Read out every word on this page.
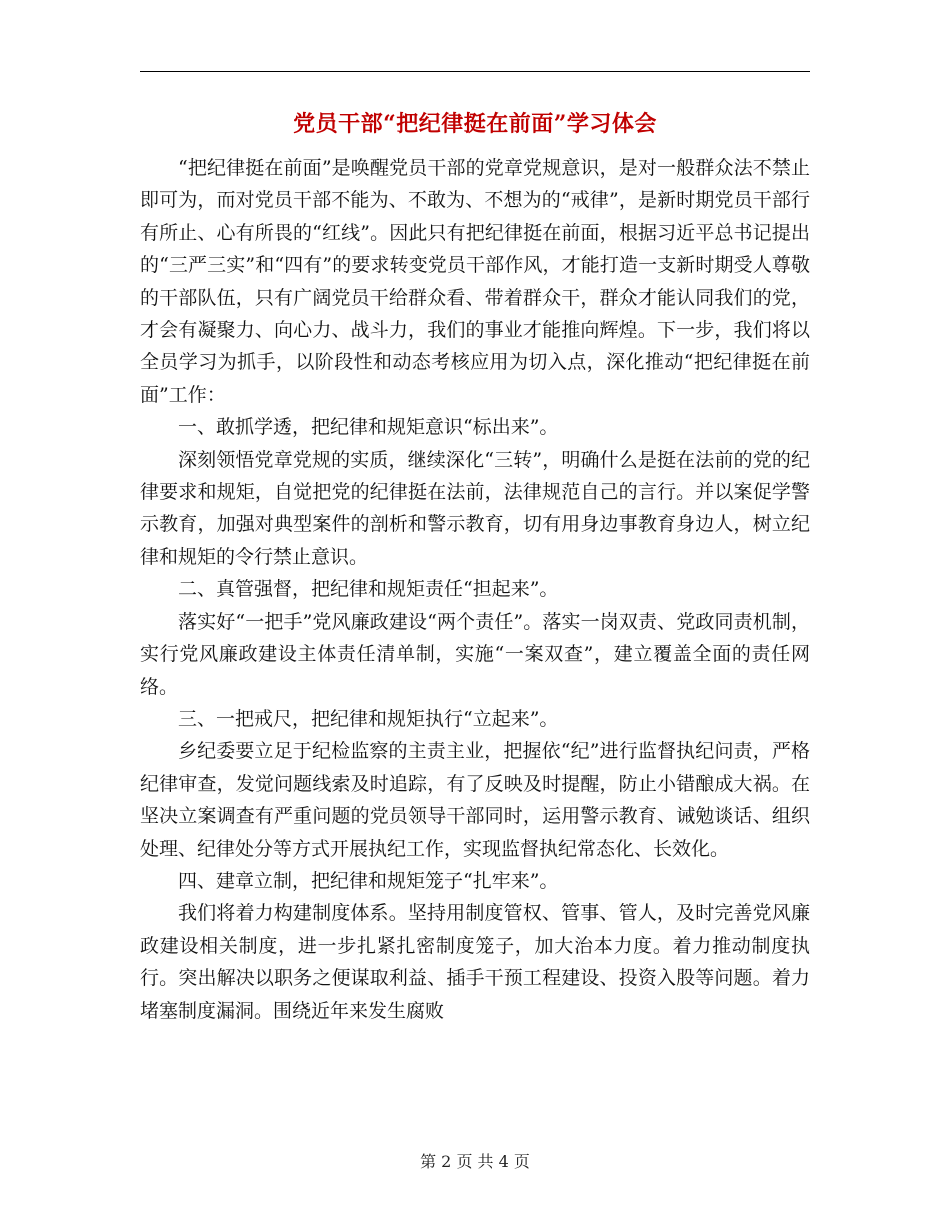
党员干部“把纪律挺在前面”学习体会

“把纪律挺在前面”是唤醒党员干部的党章党规意识，是对一般群众法不禁止即可为，而对党员干部不能为、不敢为、不想为的“戒律”，是新时期党员干部行有所止、心有所畏的“红线”。因此只有把纪律挺在前面，根据习近平总书记提出的“三严三实”和“四有”的要求转变党员干部作风，才能打造一支新时期受人尊敬的干部队伍，只有广阔党员干给群众看、带着群众干，群众才能认同我们的党，才会有凝聚力、向心力、战斗力，我们的事业才能推向辉煌。下一步，我们将以全员学习为抓手，以阶段性和动态考核应用为切入点，深化推动“把纪律挺在前面”工作：

一、敢抓学透，把纪律和规矩意识“标出来”。

深刻领悟党章党规的实质，继续深化“三转”，明确什么是挺在法前的党的纪律要求和规矩，自觉把党的纪律挺在法前，法律规范自己的言行。并以案促学警示教育，加强对典型案件的剖析和警示教育，切有用身边事教育身边人，树立纪律和规矩的令行禁止意识。

二、真管强督，把纪律和规矩责任“担起来”。

落实好“一把手”党风廉政建设“两个责任”。落实一岗双责、党政同责机制，实行党风廉政建设主体责任清单制，实施“一案双查”，建立覆盖全面的责任网络。

三、一把戒尺，把纪律和规矩执行“立起来”。

乡纪委要立足于纪检监察的主责主业，把握依“纪”进行监督执纪问责，严格纪律审查，发觉问题线索及时追踪，有了反映及时提醒，防止小错酿成大祸。在坚决立案调查有严重问题的党员领导干部同时，运用警示教育、诫勉谈话、组织处理、纪律处分等方式开展执纪工作，实现监督执纪常态化、长效化。

四、建章立制，把纪律和规矩笼子“扎牢来”。

我们将着力构建制度体系。坚持用制度管权、管事、管人，及时完善党风廉政建设相关制度，进一步扎紧扎密制度笼子，加大治本力度。着力推动制度执行。突出解决以职务之便谋取利益、插手干预工程建设、投资入股等问题。着力堵塞制度漏洞。围绕近年来发生腐败

第 2 页 共 4 页
